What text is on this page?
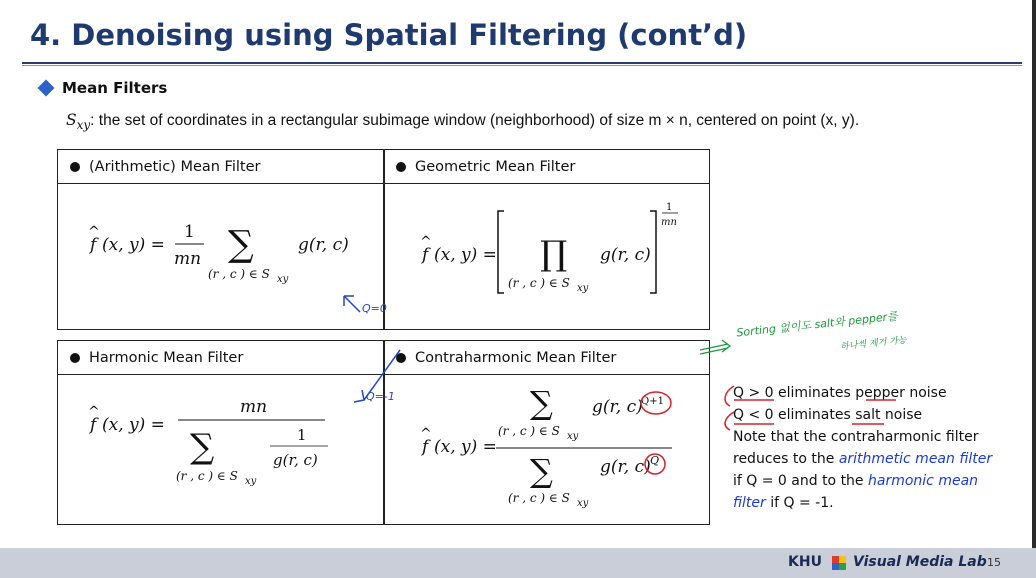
4. Denoising using Spatial Filtering (cont’d)
Mean Filters
$S_{xy}$: the set of coordinates in a rectangular subimage window (neighborhood) of size m × n, centered on point (x, y).
(Arithmetic) Mean Filter	Geometric Mean Filter
Harmonic Mean Filter	Contraharmonic Mean Filter
f
^
(x, y) =
1
mn ∑
(r , c ) ∈ S xy
g(r, c)	f
^
(x, y) = ∏
(r , c ) ∈ S xy
g(r, c)
1
mn
f
^
(x, y) =
mn
∑
(r , c ) ∈ S xy
1
g(r, c)
f
^
(x, y) =
∑
(r , c ) ∈ S xy
g(r, c)
Q+1
∑
(r , c ) ∈ S xy
g(r, c) Q
Q > 0 eliminates pepper noise
Q < 0 eliminates salt noise
Note that the contraharmonic filter reduces to the arithmetic mean filter if Q = 0 and to the harmonic mean filter if Q = -1.
Q=0
Q=-1
Sorting 없이도 salt와 pepper를
하나씩 제거 가능
KHU Visual Media Lab 15
